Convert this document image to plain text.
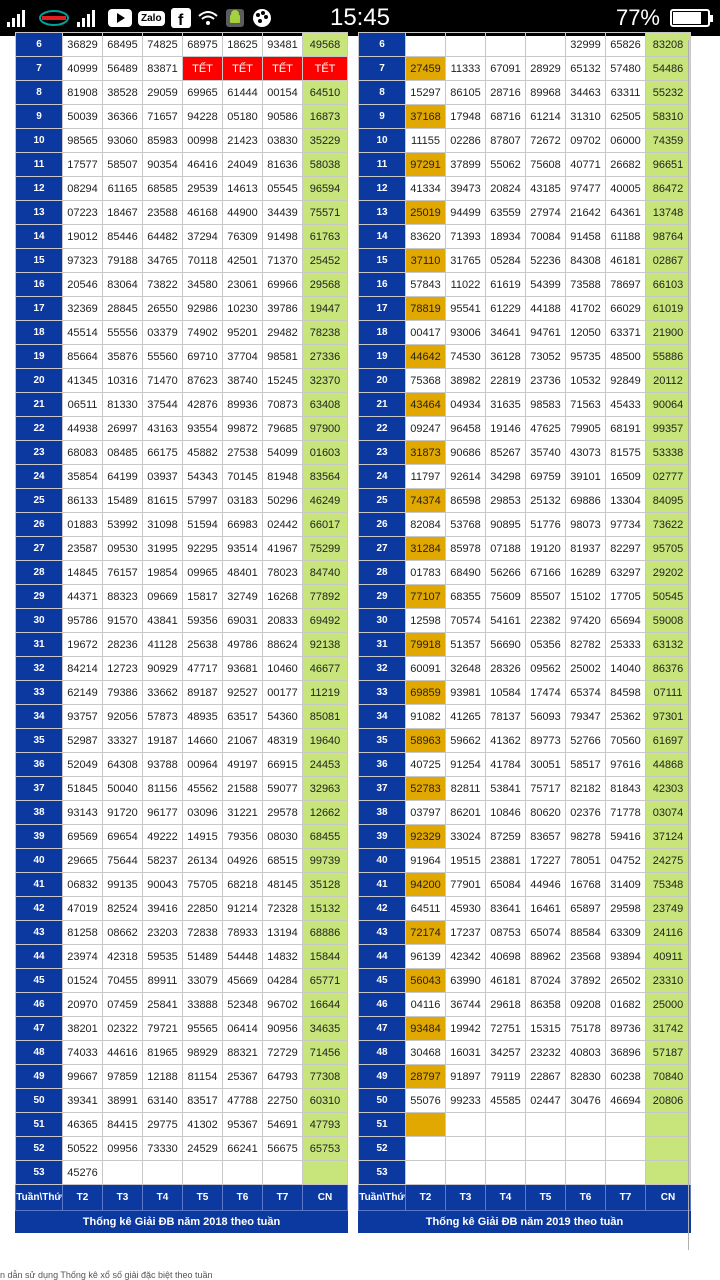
Zalo f	15:45	77%
6	36829	68495	74825	68975	18625	93481	49568
7	40999	56489	83871	TẾT	TẾT	TẾT	TẾT
8	81908	38528	29059	69965	61444	00154	64510
9	50039	36366	71657	94228	05180	90586	16873
10	98565	93060	85983	00998	21423	03830	35229
11	17577	58507	90354	46416	24049	81636	58038
12	08294	61165	68585	29539	14613	05545	96594
13	07223	18467	23588	46168	44900	34439	75571
14	19012	85446	64482	37294	76309	91498	61763
15	97323	79188	34765	70118	42501	71370	25452
16	20546	83064	73822	34580	23061	69966	29568
17	32369	28845	26550	92986	10230	39786	19447
18	45514	55556	03379	74902	95201	29482	78238
19	85664	35876	55560	69710	37704	98581	27336
20	41345	10316	71470	87623	38740	15245	32370
21	06511	81330	37544	42876	89936	70873	63408
22	44938	26997	43163	93554	99872	79685	97900
23	68083	08485	66175	45882	27538	54099	01603
24	35854	64199	03937	54343	70145	81948	83564
25	86133	15489	81615	57997	03183	50296	46249
26	01883	53992	31098	51594	66983	02442	66017
27	23587	09530	31995	92295	93514	41967	75299
28	14845	76157	19854	09965	48401	78023	84740
29	44371	88323	09669	15817	32749	16268	77892
30	95786	91570	43841	59356	69031	20833	69492
31	19672	28236	41128	25638	49786	88624	92138
32	84214	12723	90929	47717	93681	10460	46677
33	62149	79386	33662	89187	92527	00177	11219
34	93757	92056	57873	48935	63517	54360	85081
35	52987	33327	19187	14660	21067	48319	19640
36	52049	64308	93788	00964	49197	66915	24453
37	51845	50040	81156	45562	21588	59077	32963
38	93143	91720	96177	03096	31221	29578	12662
39	69569	69654	49222	14915	79356	08030	68455
40	29665	75644	58237	26134	04926	68515	99739
41	06832	99135	90043	75705	68218	48145	35128
42	47019	82524	39416	22850	91214	72328	15132
43	81258	08662	23203	72838	78933	13194	68886
44	23974	42318	59535	51489	54448	14832	15844
45	01524	70455	89911	33079	45669	04284	65771
46	20970	07459	25841	33888	52348	96702	16644
47	38201	02322	79721	95565	06414	90956	34635
48	74033	44616	81965	98929	88321	72729	71456
49	99667	97859	12188	81154	25367	64793	77308
50	39341	38991	63140	83517	47788	22750	60310
51	46365	84415	29775	41302	95367	54691	47793
52	50522	09956	73330	24529	66241	56675	65753
53	45276						
Tuần\Thứ	T2	T3	T4	T5	T6	T7	CN
Thống kê Giải ĐB năm 2018 theo tuần							
6					32999	65826	83208
7	27459	11333	67091	28929	65132	57480	54486
8	15297	86105	28716	89968	34463	63311	55232
9	37168	17948	68716	61214	31310	62505	58310
10	11155	02286	87807	72672	09702	06000	74359
11	97291	37899	55062	75608	40771	26682	96651
12	41334	39473	20824	43185	97477	40005	86472
13	25019	94499	63559	27974	21642	64361	13748
14	83620	71393	18934	70084	91458	61188	98764
15	37110	31765	05284	52236	84308	46181	02867
16	57843	11022	61619	54399	73588	78697	66103
17	78819	95541	61229	44188	41702	66029	61019
18	00417	93006	34641	94761	12050	63371	21900
19	44642	74530	36128	73052	95735	48500	55886
20	75368	38982	22819	23736	10532	92849	20112
21	43464	04934	31635	98583	71563	45433	90064
22	09247	96458	19146	47625	79905	68191	99357
23	31873	90686	85267	35740	43073	81575	53338
24	11797	92614	34298	69759	39101	16509	02777
25	74374	86598	29853	25132	69886	13304	84095
26	82084	53768	90895	51776	98073	97734	73622
27	31284	85978	07188	19120	81937	82297	95705
28	01783	68490	56266	67166	16289	63297	29202
29	77107	68355	75609	85507	15102	17705	50545
30	12598	70574	54161	22382	97420	65694	59008
31	79918	51357	56690	05356	82782	25333	63132
32	60091	32648	28326	09562	25002	14040	86376
33	69859	93981	10584	17474	65374	84598	07111
34	91082	41265	78137	56093	79347	25362	97301
35	58963	59662	41362	89773	52766	70560	61697
36	40725	91254	41784	30051	58517	97616	44868
37	52783	82811	53841	75717	82182	81843	42303
38	03797	86201	10846	80620	02376	71778	03074
39	92329	33024	87259	83657	98278	59416	37124
40	91964	19515	23881	17227	78051	04752	24275
41	94200	77901	65084	44946	16768	31409	75348
42	64511	45930	83641	16461	65897	29598	23749
43	72174	17237	08753	65074	88584	63309	24116
44	96139	42342	40698	88962	23568	93894	40911
45	56043	63990	46181	87024	37892	26502	23310
46	04116	36744	29618	86358	09208	01682	25000
47	93484	19942	72751	15315	75178	89736	31742
48	30468	16031	34257	23232	40803	36896	57187
49	28797	91897	79119	22867	82830	60238	70840
50	55076	99233	45585	02447	30476	46694	20806
51							
52							
53							
Tuần\Thứ	T2	T3	T4	T5	T6	T7	CN
Thống kê Giải ĐB năm 2019 theo tuần							
n dẫn sử dụng Thống kê xổ số giải đặc biệt theo tuần
